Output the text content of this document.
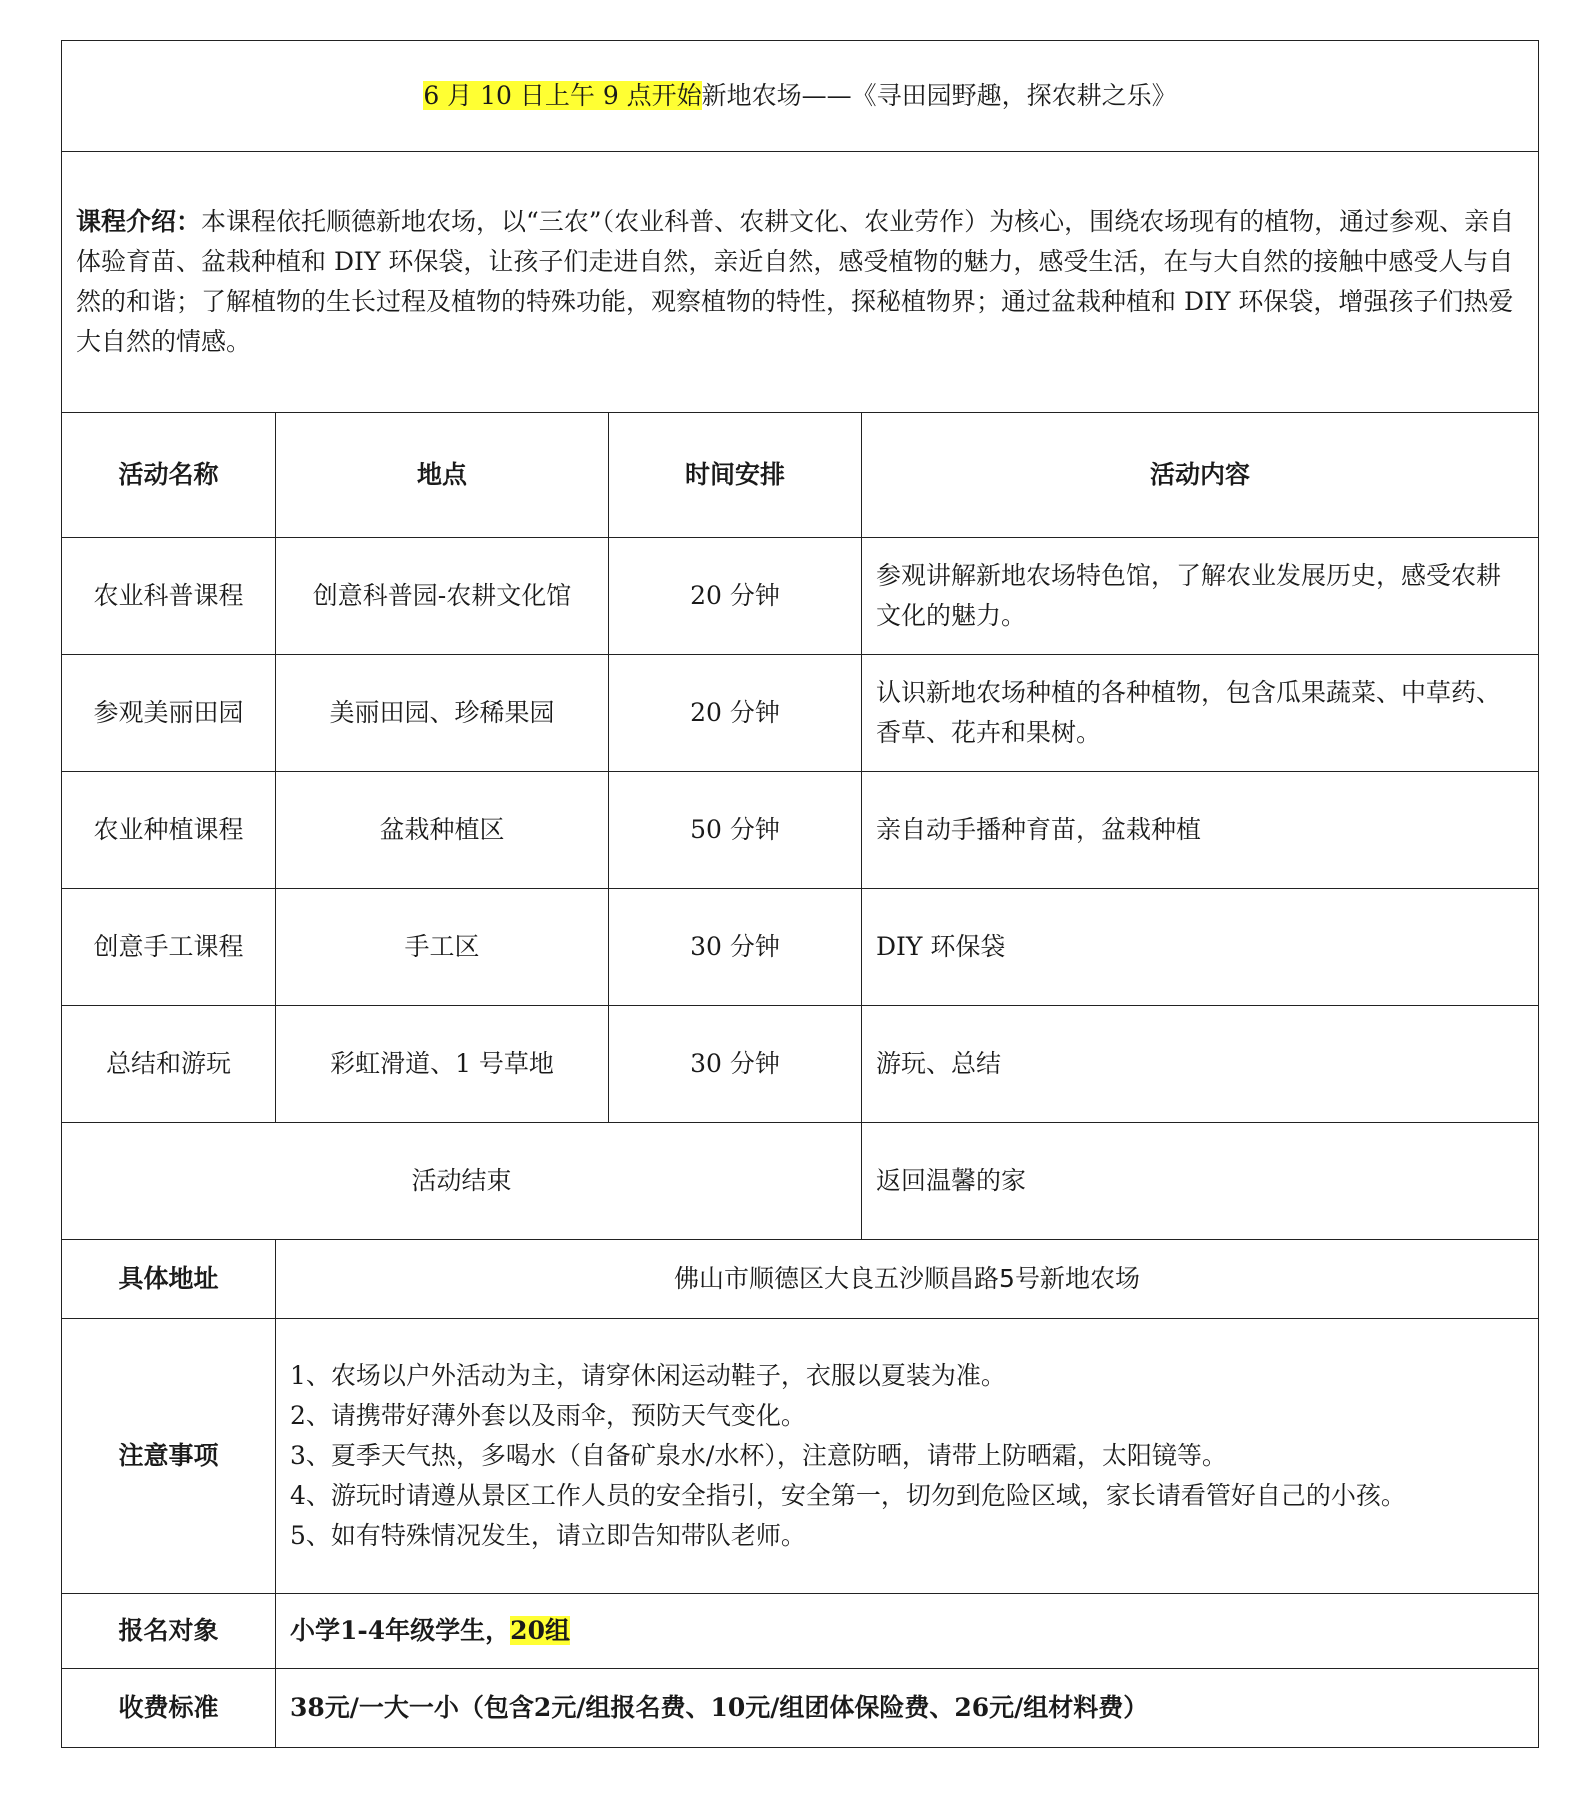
6 月 10 日上午 9 点开始新地农场——《寻田园野趣，探农耕之乐》			
课程介绍：本课程依托顺德新地农场，以“三农”（农业科普、农耕文化、农业劳作）为核心，围绕农场现有的植物，通过参观、亲自体验育苗、盆栽种植和 DIY 环保袋，让孩子们走进自然，亲近自然，感受植物的魅力，感受生活，在与大自然的接触中感受人与自然的和谐；了解植物的生长过程及植物的特殊功能，观察植物的特性，探秘植物界；通过盆栽种植和 DIY 环保袋，增强孩子们热爱大自然的情感。			
活动名称	地点	时间安排	活动内容
农业科普课程	创意科普园-农耕文化馆	20 分钟	参观讲解新地农场特色馆，了解农业发展历史，感受农耕文化的魅力。
参观美丽田园	美丽田园、珍稀果园	20 分钟	认识新地农场种植的各种植物，包含瓜果蔬菜、中草药、香草、花卉和果树。
农业种植课程	盆栽种植区	50 分钟	亲自动手播种育苗，盆栽种植
创意手工课程	手工区	30 分钟	DIY 环保袋
总结和游玩	彩虹滑道、1 号草地	30 分钟	游玩、总结
活动结束			返回温馨的家
具体地址	佛山市顺德区大良五沙顺昌路5号新地农场		
注意事项	1、农场以户外活动为主，请穿休闲运动鞋子，衣服以夏装为准。
2、请携带好薄外套以及雨伞，预防天气变化。
3、夏季天气热，多喝水（自备矿泉水/水杯），注意防晒，请带上防晒霜，太阳镜等。
4、游玩时请遵从景区工作人员的安全指引，安全第一，切勿到危险区域，家长请看管好自己的小孩。
5、如有特殊情况发生，请立即告知带队老师。		

报名对象	小学1-4年级学生，20组		
收费标准	38元/一大一小（包含2元/组报名费、10元/组团体保险费、26元/组材料费）		
